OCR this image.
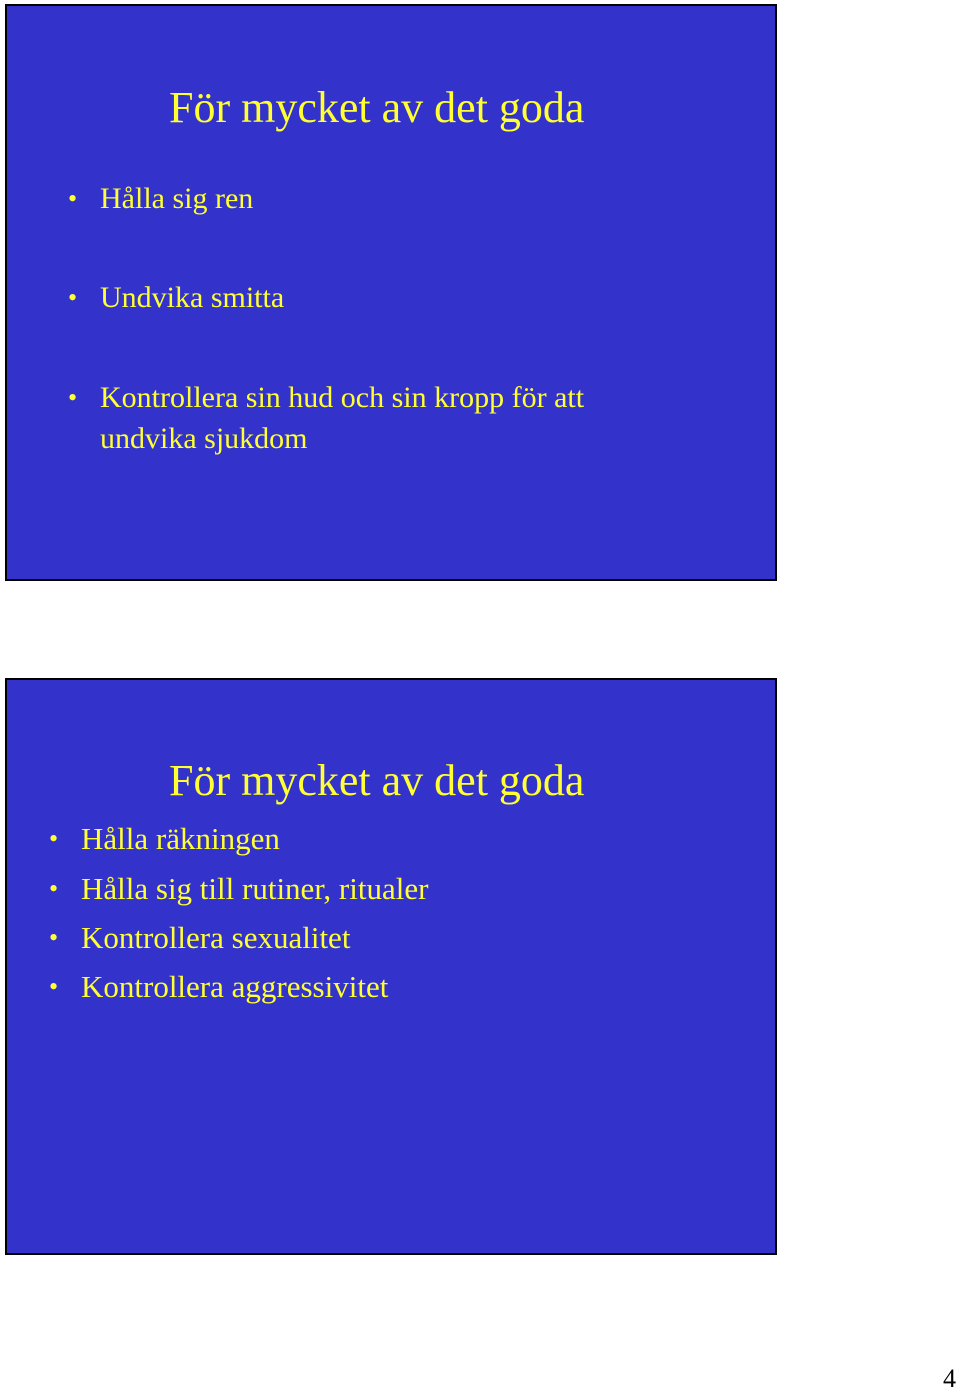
För mycket av det goda
• Hålla sig ren
• Undvika smitta
• Kontrollera sin hud och sin kropp för att
undvika sjukdom
För mycket av det goda
• Hålla räkningen
• Hålla sig till rutiner, ritualer
• Kontrollera sexualitet
• Kontrollera aggressivitet
4
